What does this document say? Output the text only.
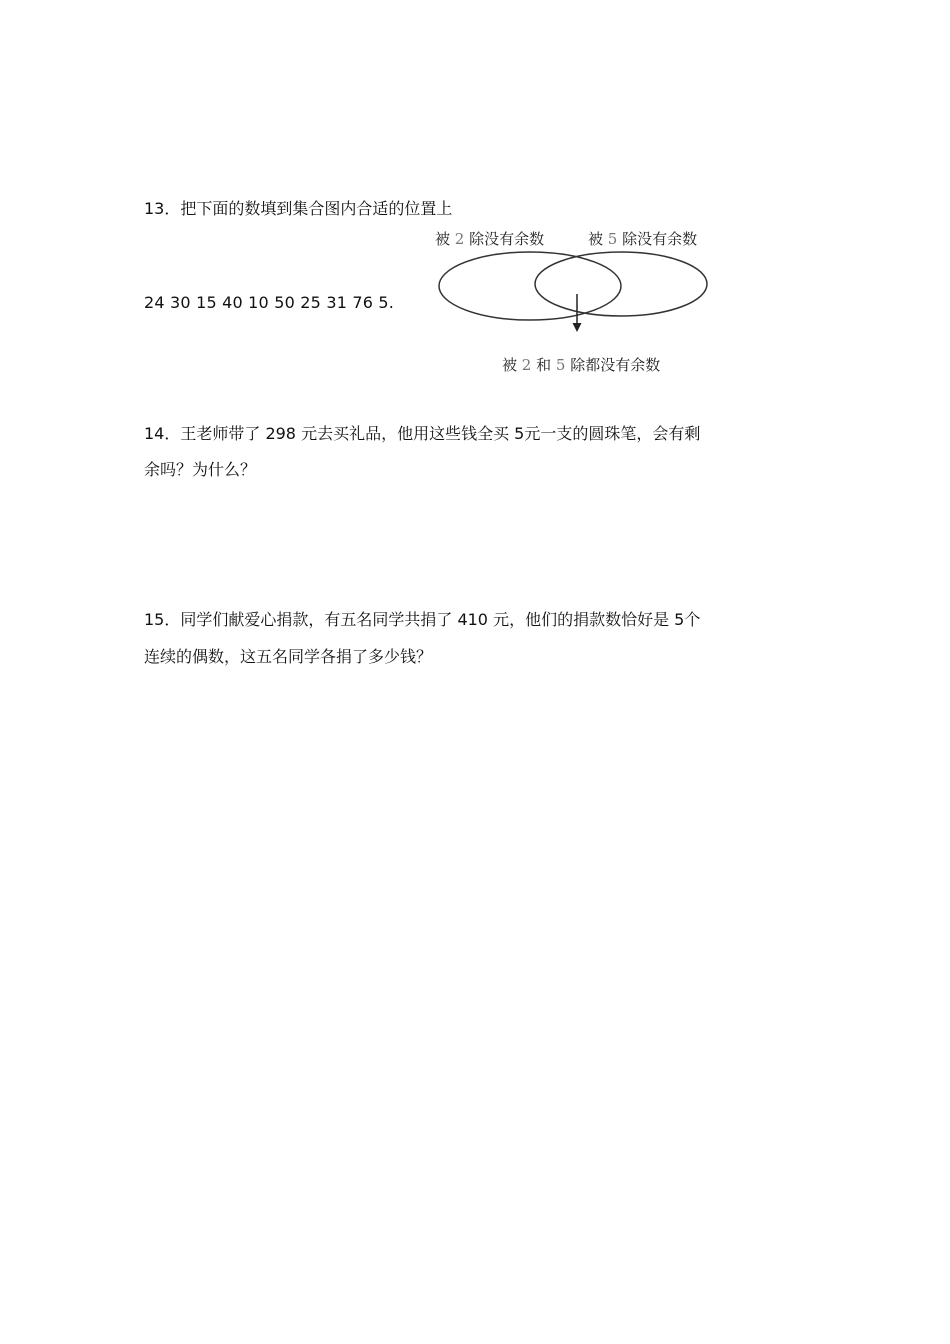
13．把下面的数填到集合图内合适的位置上
24 30 15 40 10 50 25 31 76 5.
被 2 除没有余数	被 5 除没有余数
被 2 和 5 除都没有余数
14．王老师带了 298 元去买礼品，他用这些钱全买 5元一支的圆珠笔，会有剩
余吗？为什么？
15．同学们献爱心捐款，有五名同学共捐了 410 元，他们的捐款数恰好是 5个
连续的偶数，这五名同学各捐了多少钱？
